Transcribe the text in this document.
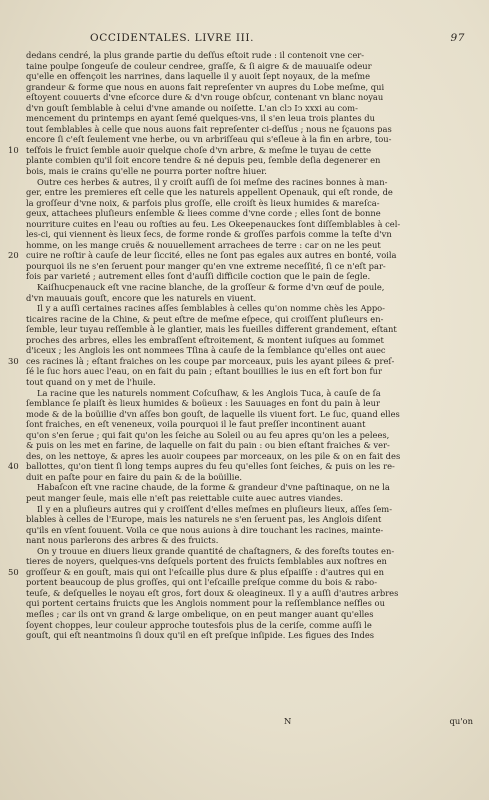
OCCIDENTALES. LIVRE III.	97
dedans cendré, la plus grande partie du deſſus eſtoit rude : il contenoit vne cer-
taine poulpe ſongeuſe de couleur cendree, graſſe, & ſi aigre & de mauuaiſe odeur
qu'elle en offençoit les narrines, dans laquelle il y auoit ſept noyaux, de la meſme
grandeur & forme que nous en auons fait repreſenter vn aupres du Lobe meſme, qui
eſtoyent couuerts d'vne eſcorce dure & d'vn rouge obſcur, contenant vn blanc noyau
d'vn gouſt ſemblable à celui d'vne amande ou noiſette. L'an clↄ Iↄ xxxi au com-
mencement du printemps en ayant ſemé quelques-vns, il s'en leua trois plantes du
tout ſemblables à celle que nous auons fait repreſenter ci-deſſus ; nous ne ſçauons pas
encore ſi c'eſt ſeulement vne herbe, ou vn arbriſſeau qui s'eſleue à la fin en arbre, tou-
teſfois le fruict ſemble auoir quelque choſe d'vn arbre, & meſme le tuyau de cette
plante combien qu'il ſoit encore tendre & né depuis peu, ſemble deſia degenerer en
bois, mais ie crains qu'elle ne pourra porter noſtre hiuer.
Outre ces herbes & autres, il y croiſt auſſi de ſoi meſme des racines bonnes à man-
ger, entre les premieres eſt celle que les naturels appellent Openauk, qui eſt ronde, de
la groſſeur d'vne noix, & parfois plus groſſe, elle croiſt ès lieux humides & mareſca-
geux, attachees pluſieurs enſemble & liees comme d'vne corde ; elles ſont de bonne
nourriture cuites en l'eau ou roſties au feu. Les Okeepenauckes ſont diſſemblables à cel-
les-ci, qui viennent ès lieux ſecs, de forme ronde & groſſes parfois comme la teſte d'vn
homme, on les mange cruës & nouuellement arrachees de terre : car on ne les peut
cuire ne roſtir à cauſe de leur ſiccité, elles ne ſont pas egales aux autres en bonté, voila
pourquoi ils ne s'en ſeruent pour manger qu'en vne extreme neceſſité, ſi ce n'eſt par-
fois par varieté ; autrement elles ſont d'auſſi difficile coction que le pain de ſegle.
Kaiſhucpenauck eſt vne racine blanche, de la groſſeur & forme d'vn œuf de poule,
d'vn mauuais gouſt, encore que les naturels en viuent.
Il y a auſſi certaines racines aſſes ſemblables à celles qu'on nomme chès les Appo-
ticaires racine de la Chine, & peut eſtre de meſme eſpece, qui croiſſent pluſieurs en-
ſemble, leur tuyau reſſemble à le glantier, mais les fueilles different grandement, eſtant
proches des arbres, elles les embraſſent eſtroitement, & montent iuſques au ſommet
d'iceux ; les Anglois les ont nommees Tſina à cauſe de la ſemblance qu'elles ont auec
ces racines là ; eſtant fraiches on les coupe par morceaux, puis les ayant pilees & preſ-
ſé le ſuc hors auec l'eau, on en fait du pain ; eſtant bouillies le ius en eſt fort bon fur
tout quand on y met de l'huile.
La racine que les naturels nomment Coſcuſhaw, & les Anglois Tuca, à cauſe de ſa
ſemblance ſe plaiſt ès lieux humides & boüeux : les Sauuages en font du pain à leur
mode & de la boüillie d'vn aſſes bon gouſt, de laquelle ils viuent fort. Le ſuc, quand elles
ſont fraiches, en eſt veneneux, voila pourquoi il le faut preſſer incontinent auant
qu'on s'en ſerue ; qui fait qu'on les ſeiche au Soleil ou au feu apres qu'on les a pelees,
& puis on les met en farine, de laquelle on fait du pain : ou bien eſtant fraiches & ver-
des, on les nettoye, & apres les auoir coupees par morceaux, on les pile & on en fait des
ballottes, qu'on tient ſi long temps aupres du feu qu'elles ſont ſeiches, & puis on les re-
duit en paſte pour en faire du pain & de la boüillie.
Habaſcon eſt vne racine chaude, de la forme & grandeur d'vne paſtinaque, on ne la
peut manger ſeule, mais elle n'eſt pas reiettable cuite auec autres viandes.
Il y en a pluſieurs autres qui y croiſſent d'elles meſmes en pluſieurs lieux, aſſes ſem-
blables à celles de l'Europe, mais les naturels ne s'en ſeruent pas, les Anglois diſent
qu'ils en vſent ſouuent. Voila ce que nous auions à dire touchant les racines, mainte-
nant nous parlerons des arbres & des fruicts.
On y trouue en diuers lieux grande quantité de chaſtagners, & des foreſts toutes en-
tieres de noyers, quelques-vns deſquels portent des fruicts ſemblables aux noſtres en
groſſeur & en gouſt, mais qui ont l'eſcaille plus dure & plus eſpaiſſe : d'autres qui en
portent beaucoup de plus groſſes, qui ont l'eſcaille preſque comme du bois & rabo-
teuſe, & deſquelles le noyau eſt gros, fort doux & oleagineux. Il y a auſſi d'autres arbres
qui portent certains fruicts que les Anglois nomment pour la reſſemblance neſfles ou
meſles ; car ils ont vn grand & large ombelique, on en peut manger auant qu'elles
ſoyent choppes, leur couleur approche toutesfois plus de la ceriſe, comme auſſi le
gouſt, qui eſt neantmoins ſi doux qu'il en eſt preſque inſipide. Les figues des Indes
10
20
30
40
50
N	qu'on
